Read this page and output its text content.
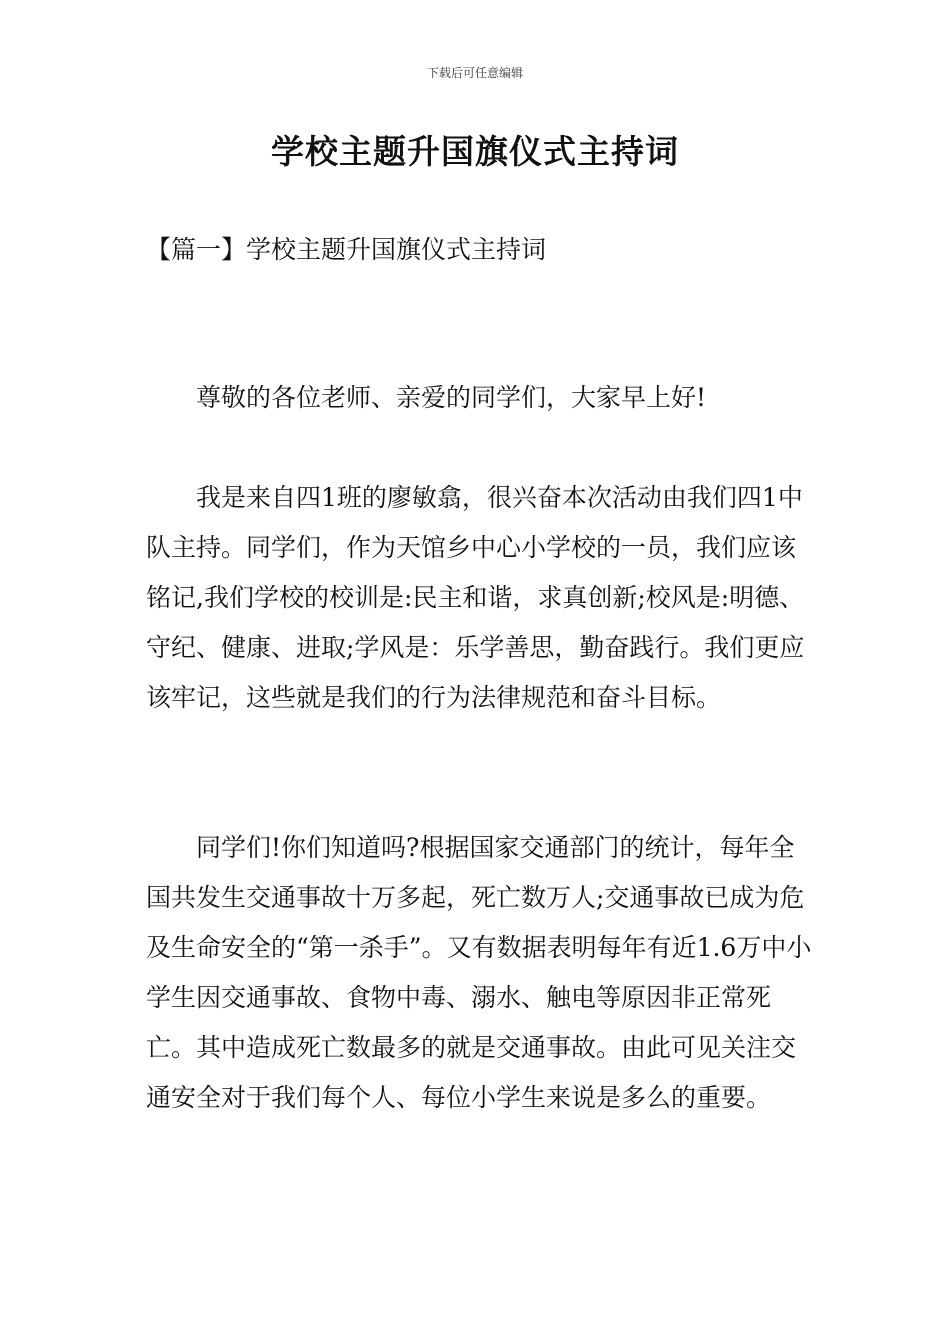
下载后可任意编辑
学校主题升国旗仪式主持词
【篇一】学校主题升国旗仪式主持词

尊敬的各位老师、亲爱的同学们，大家早上好!

我是来自四1班的廖敏翕，很兴奋本次活动由我们四1中队主持。同学们，作为天馆乡中心小学校的一员，我们应该铭记,我们学校的校训是:民主和谐，求真创新;校风是:明德、守纪、健康、进取;学风是：乐学善思，勤奋践行。我们更应该牢记，这些就是我们的行为法律规范和奋斗目标。

同学们!你们知道吗?根据国家交通部门的统计，每年全国共发生交通事故十万多起，死亡数万人;交通事故已成为危及生命安全的“第一杀手”。又有数据表明每年有近1.6万中小学生因交通事故、食物中毒、溺水、触电等原因非正常死亡。其中造成死亡数最多的就是交通事故。由此可见关注交通安全对于我们每个人、每位小学生来说是多么的重要。
